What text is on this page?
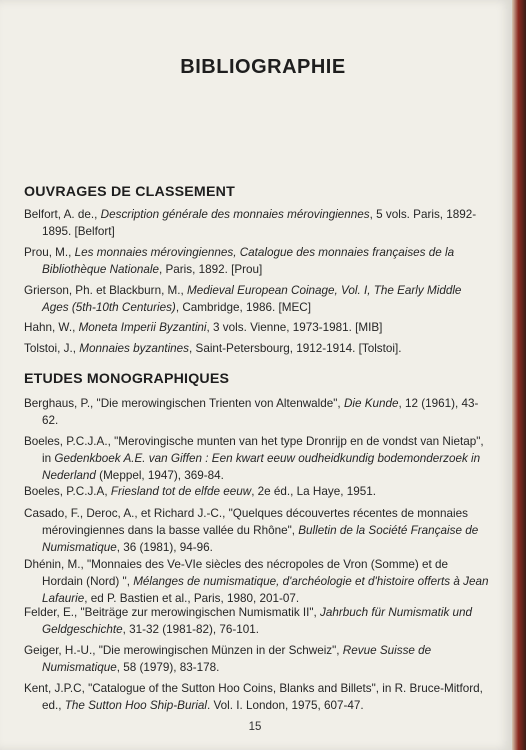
BIBLIOGRAPHIE
OUVRAGES DE CLASSEMENT
Belfort, A. de., Description générale des monnaies mérovingiennes, 5 vols. Paris, 1892-
1895. [Belfort]
Prou, M., Les monnaies mérovingiennes, Catalogue des monnaies françaises de la
Bibliothèque Nationale, Paris, 1892. [Prou]
Grierson, Ph. et Blackburn, M., Medieval European Coinage, Vol. I, The Early Middle
Ages (5th-10th Centuries), Cambridge, 1986. [MEC]
Hahn, W., Moneta Imperii Byzantini, 3 vols. Vienne, 1973-1981. [MIB]
Tolstoi, J., Monnaies byzantines, Saint-Petersbourg, 1912-1914. [Tolstoi].
ETUDES MONOGRAPHIQUES
Berghaus, P., "Die merowingischen Trienten von Altenwalde", Die Kunde, 12 (1961), 43-
62.
Boeles, P.C.J.A., "Merovingische munten van het type Dronrijp en de vondst van Nietap",
in Gedenkboek A.E. van Giffen : Een kwart eeuw oudheidkundig bodemonderzoek in
Nederland (Meppel, 1947), 369-84.
Boeles, P.C.J.A, Friesland tot de elfde eeuw, 2e éd., La Haye, 1951.
Casado, F., Deroc, A., et Richard J.-C., "Quelques découvertes récentes de monnaies
mérovingiennes dans la basse vallée du Rhône", Bulletin de la Société Française de
Numismatique, 36 (1981), 94-96.
Dhénin, M., "Monnaies des Ve-VIe siècles des nécropoles de Vron (Somme) et de
Hordain (Nord) ", Mélanges de numismatique, d'archéologie et d'histoire offerts à Jean
Lafaurie, ed P. Bastien et al., Paris, 1980, 201-07.
Felder, E., "Beiträge zur merowingischen Numismatik II", Jahrbuch für Numismatik und
Geldgeschichte, 31-32 (1981-82), 76-101.
Geiger, H.-U., "Die merowingischen Münzen in der Schweiz", Revue Suisse de
Numismatique, 58 (1979), 83-178.
Kent, J.P.C, "Catalogue of the Sutton Hoo Coins, Blanks and Billets", in R. Bruce-Mitford,
ed., The Sutton Hoo Ship-Burial. Vol. I. London, 1975, 607-47.
15
